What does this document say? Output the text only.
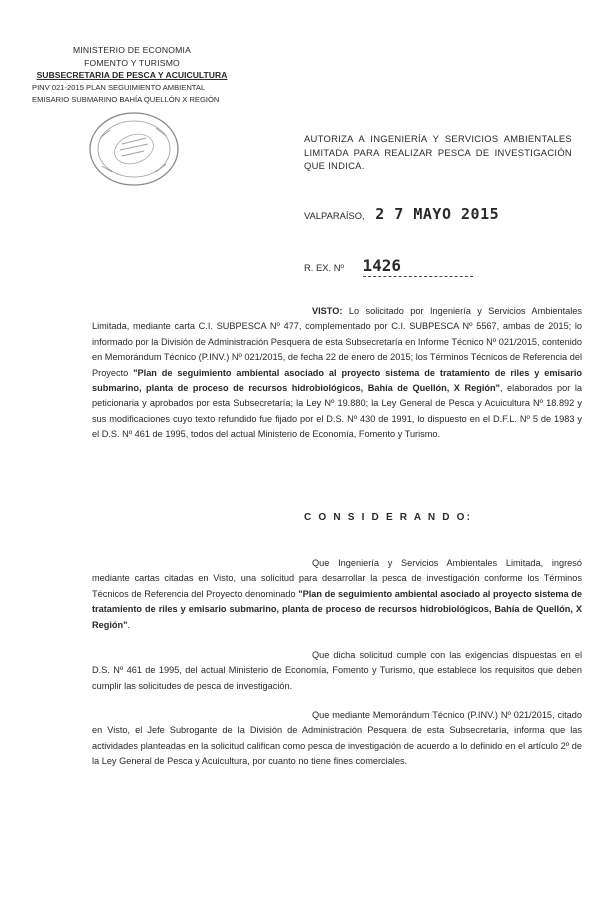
MINISTERIO DE ECONOMIA
FOMENTO Y TURISMO
SUBSECRETARIA DE PESCA Y ACUICULTURA
PINV 021-2015 PLAN SEGUIMIENTO AMBIENTAL
EMISARIO SUBMARINO BAHÍA QUELLÓN X REGIÓN
AUTORIZA A INGENIERÍA Y SERVICIOS AMBIENTALES LIMITADA PARA REALIZAR PESCA DE INVESTIGACIÓN QUE INDICA.
VALPARAÍSO, 2 7 MAYO 2015
R. EX. Nº 1426
VISTO: Lo solicitado por Ingeniería y Servicios Ambientales Limitada, mediante carta C.I. SUBPESCA Nº 477, complementado por C.I. SUBPESCA Nº 5567, ambas de 2015; lo informado por la División de Administración Pesquera de esta Subsecretaría en Informe Técnico Nº 021/2015, contenido en Memorándum Técnico (P.INV.) Nº 021/2015, de fecha 22 de enero de 2015; los Términos Técnicos de Referencia del Proyecto "Plan de seguimiento ambiental asociado al proyecto sistema de tratamiento de riles y emisario submarino, planta de proceso de recursos hidrobiológicos, Bahía de Quellón, X Región", elaborados por la peticionaria y aprobados por esta Subsecretaría; la Ley Nº 19.880; la Ley General de Pesca y Acuicultura Nº 18.892 y sus modificaciones cuyo texto refundido fue fijado por el D.S. Nº 430 de 1991, lo dispuesto en el D.F.L. Nº 5 de 1983 y el D.S. Nº 461 de 1995, todos del actual Ministerio de Economía, Fomento y Turismo.
C O N S I D E R A N D O:
Que Ingeniería y Servicios Ambientales Limitada, ingresó mediante cartas citadas en Visto, una solicitud para desarrollar la pesca de investigación conforme los Términos Técnicos de Referencia del Proyecto denominado "Plan de seguimiento ambiental asociado al proyecto sistema de tratamiento de riles y emisario submarino, planta de proceso de recursos hidrobiológicos, Bahía de Quellón, X Región".
Que dicha solicitud cumple con las exigencias dispuestas en el D.S. Nº 461 de 1995, del actual Ministerio de Economía, Fomento y Turismo, que establece los requisitos que deben cumplir las solicitudes de pesca de investigación.
Que mediante Memorándum Técnico (P.INV.) Nº 021/2015, citado en Visto, el Jefe Subrogante de la División de Administración Pesquera de esta Subsecretaría, informa que las actividades planteadas en la solicitud califican como pesca de investigación de acuerdo a lo definido en el artículo 2º de la Ley General de Pesca y Acuicultura, por cuanto no tiene fines comerciales.
